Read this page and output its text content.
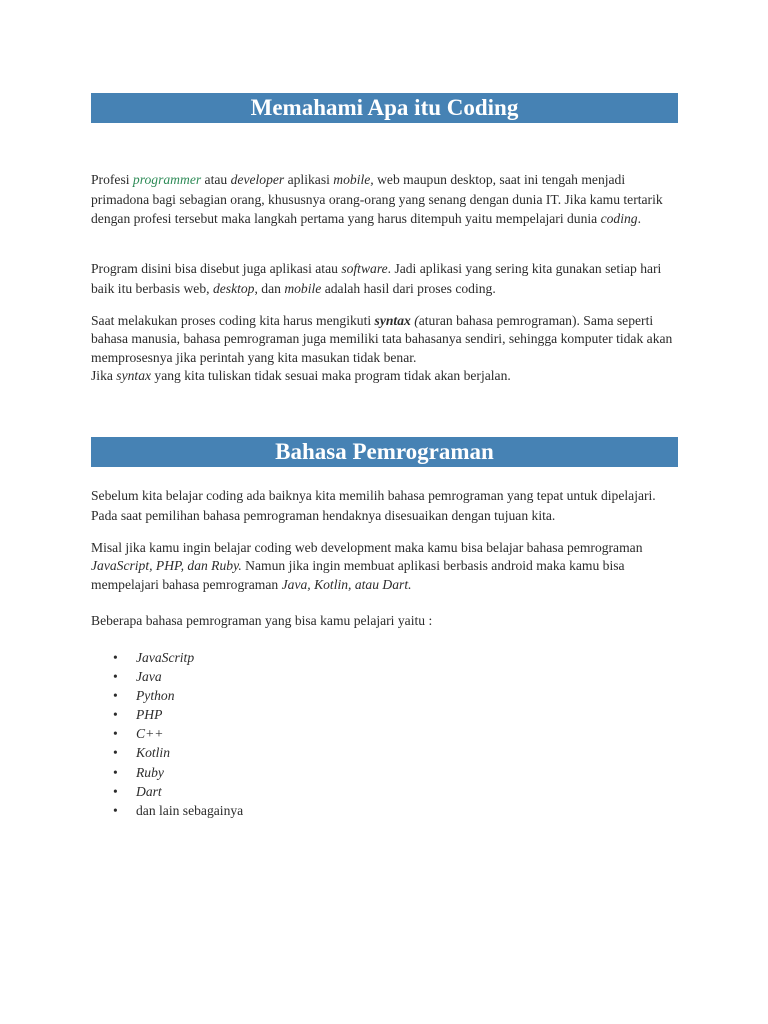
Memahami Apa itu Coding

Profesi programmer atau developer aplikasi mobile, web maupun desktop, saat ini tengah menjadi primadona bagi sebagian orang, khususnya orang-orang yang senang dengan dunia IT. Jika kamu tertarik dengan profesi tersebut maka langkah pertama yang harus ditempuh yaitu mempelajari dunia coding.

Program disini bisa disebut juga aplikasi atau software. Jadi aplikasi yang sering kita gunakan setiap hari baik itu berbasis web, desktop, dan mobile adalah hasil dari proses coding.

Saat melakukan proses coding kita harus mengikuti syntax (aturan bahasa pemrograman). Sama seperti bahasa manusia, bahasa pemrograman juga memiliki tata bahasanya sendiri, sehingga komputer tidak akan memprosesnya jika perintah yang kita masukan tidak benar.
Jika syntax yang kita tuliskan tidak sesuai maka program tidak akan berjalan.

Bahasa Pemrograman

Sebelum kita belajar coding ada baiknya kita memilih bahasa pemrograman yang tepat untuk dipelajari. Pada saat pemilihan bahasa pemrograman hendaknya disesuaikan dengan tujuan kita.

Misal jika kamu ingin belajar coding web development maka kamu bisa belajar bahasa pemrograman JavaScript, PHP, dan Ruby. Namun jika ingin membuat aplikasi berbasis android maka kamu bisa mempelajari bahasa pemrograman Java, Kotlin, atau Dart.

Beberapa bahasa pemrograman yang bisa kamu pelajari yaitu :

• JavaScritp
• Java
• Python
• PHP
• C++
• Kotlin
• Ruby
• Dart
• dan lain sebagainya
